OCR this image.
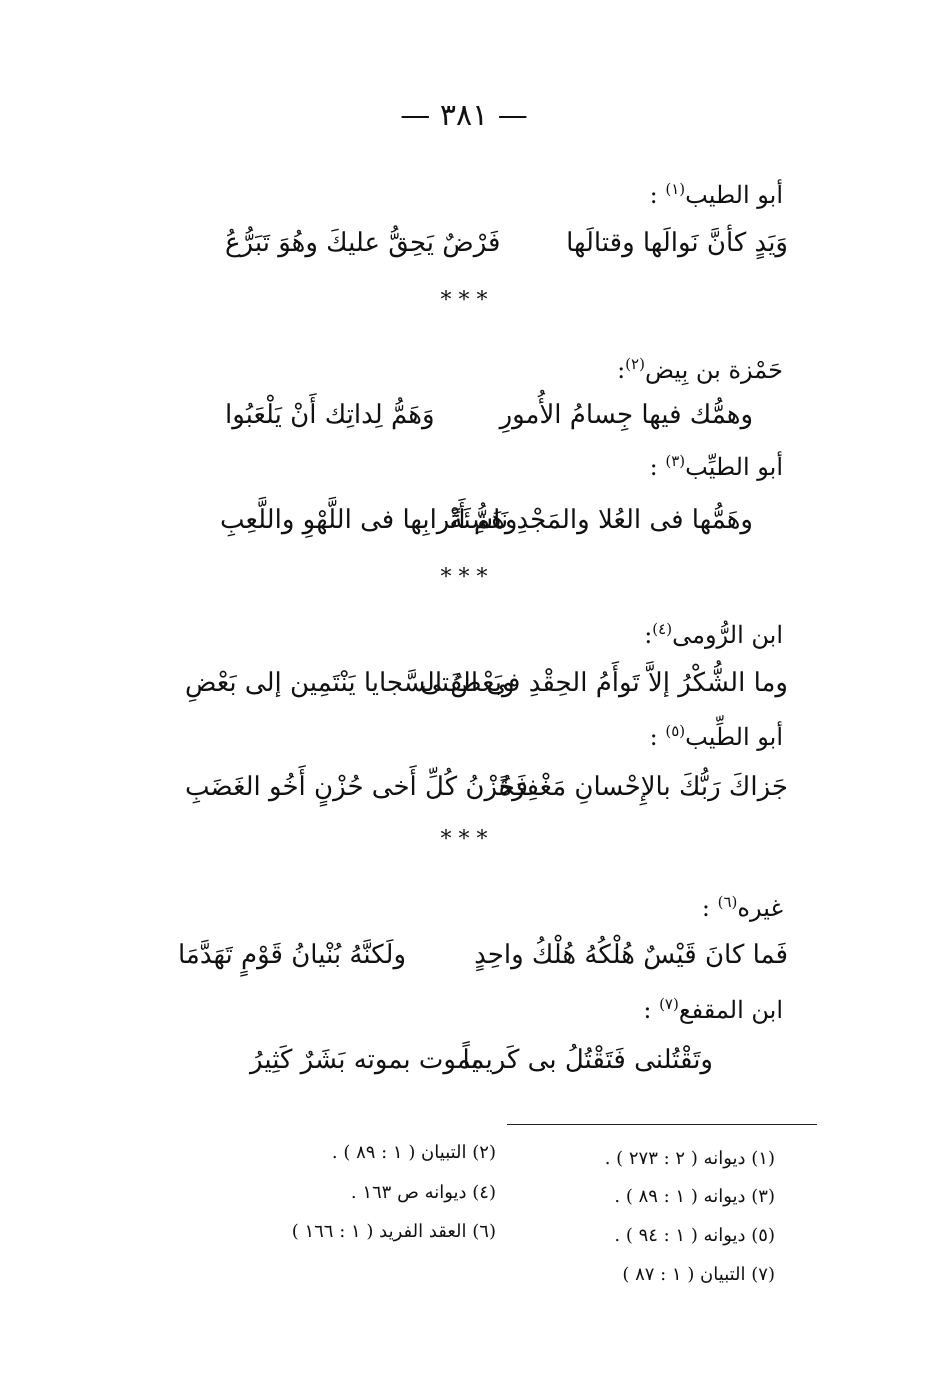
— ٣٨١ —
أبو الطيب$^{(١)}$ :
وَيَدٍ كأنَّ نَوالَها وقتالَها
فَرْضٌ يَحِقُّ عليكَ وهُوَ تَبَرُّعُ
* * *
حَمْزة بن بِيض$^{(٢)}$:
وهمُّك فيها جِسامُ الأُمورِ
وَهَمُّ لِداتِك أَنْ يَلْعَبُوا
أبو الطيِّب$^{(٣)}$ :
وهَمُّها فى العُلا والمَجْدِ نَاشِئَةً
وهَمُّ أَتْرابِها فى اللَّهْوِ واللَّعِبِ
* * *
ابن الرُّومى$^{(٤)}$:
وما الشُّكْرُ إلاَّ تَوأَمُ الحِقْدِ فى الفَتى
وبَعْضُ السَّجايا يَنْتَمِين إلى بَعْضِ
أبو الطِّيب$^{(٥)}$ :
جَزاكَ رَبُّكَ بالإِحْسانِ مَغْفِرَةً
فَحُزْنُ كُلِّ أَخى حُزْنٍ أَخُو الغَضَبِ
* * *
غيره$^{(٦)}$ :
فَما كانَ قَيْسٌ هُلْكُهُ هُلْكُ واحِدٍ
ولَكنَّهُ بُنْيانُ قَوْمٍ تَهَدَّمَا
ابن المقفع$^{(٧)}$ :
وتَقْتُلنى فَتَقْتُلُ بى كَريماً
يموت بموته بَشَرٌ كَثِيرُ
(١) ديوانه ( ٢ : ٢٧٣ ) .
(٢) التبيان ( ١ : ٨٩ ) .
(٣) ديوانه ( ١ : ٨٩ ) .
(٤) ديوانه ص ١٦٣ .
(٥) ديوانه ( ١ : ٩٤ ) .
(٦) العقد الفريد ( ١ : ١٦٦ )
(٧) التبيان ( ١ : ٨٧ )
